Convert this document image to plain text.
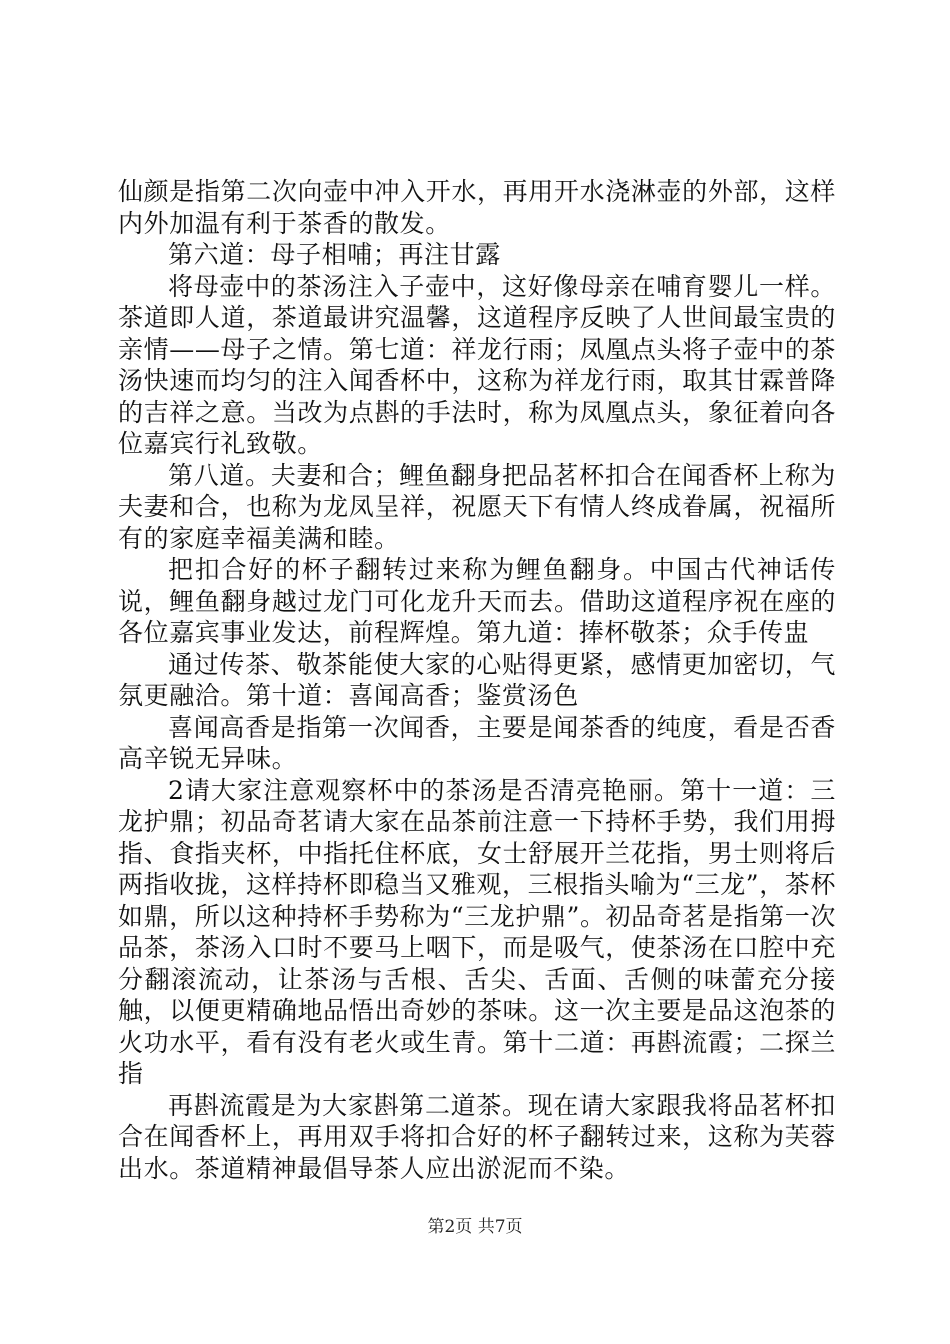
仙颜是指第二次向壶中冲入开水，再用开水浇淋壶的外部，这样内外加温有利于茶香的散发。

第六道：母子相哺；再注甘露

将母壶中的茶汤注入子壶中，这好像母亲在哺育婴儿一样。茶道即人道，茶道最讲究温馨，这道程序反映了人世间最宝贵的亲情——母子之情。第七道：祥龙行雨；凤凰点头将子壶中的茶汤快速而均匀的注入闻香杯中，这称为祥龙行雨，取其甘霖普降的吉祥之意。当改为点斟的手法时，称为凤凰点头，象征着向各位嘉宾行礼致敬。

第八道。夫妻和合；鲤鱼翻身把品茗杯扣合在闻香杯上称为夫妻和合，也称为龙凤呈祥，祝愿天下有情人终成眷属，祝福所有的家庭幸福美满和睦。

把扣合好的杯子翻转过来称为鲤鱼翻身。中国古代神话传说，鲤鱼翻身越过龙门可化龙升天而去。借助这道程序祝在座的各位嘉宾事业发达，前程辉煌。第九道：捧杯敬茶；众手传盅

通过传茶、敬茶能使大家的心贴得更紧，感情更加密切，气氛更融洽。第十道：喜闻高香；鉴赏汤色

喜闻高香是指第一次闻香，主要是闻茶香的纯度，看是否香高辛锐无异味。

2请大家注意观察杯中的茶汤是否清亮艳丽。第十一道：三龙护鼎；初品奇茗请大家在品茶前注意一下持杯手势，我们用拇指、食指夹杯，中指托住杯底，女士舒展开兰花指，男士则将后两指收拢，这样持杯即稳当又雅观，三根指头喻为“三龙”，茶杯如鼎，所以这种持杯手势称为“三龙护鼎”。初品奇茗是指第一次品茶，茶汤入口时不要马上咽下，而是吸气，使茶汤在口腔中充分翻滚流动，让茶汤与舌根、舌尖、舌面、舌侧的味蕾充分接触，以便更精确地品悟出奇妙的茶味。这一次主要是品这泡茶的火功水平，看有没有老火或生青。第十二道：再斟流霞；二探兰指

再斟流霞是为大家斟第二道茶。现在请大家跟我将品茗杯扣合在闻香杯上，再用双手将扣合好的杯子翻转过来，这称为芙蓉出水。茶道精神最倡导茶人应出淤泥而不染。

第2页 共7页
